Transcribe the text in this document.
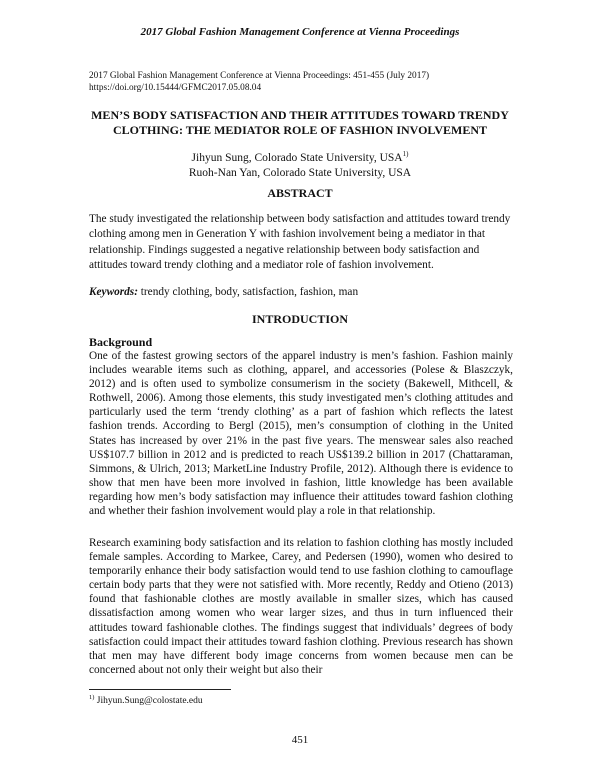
2017 Global Fashion Management Conference at Vienna Proceedings
2017 Global Fashion Management Conference at Vienna Proceedings: 451-455 (July 2017)
https://doi.org/10.15444/GFMC2017.05.08.04
MEN’S BODY SATISFACTION AND THEIR ATTITUDES TOWARD TRENDY
CLOTHING: THE MEDIATOR ROLE OF FASHION INVOLVEMENT
Jihyun Sung, Colorado State University, USA$^{1)}$
Ruoh-Nan Yan, Colorado State University, USA
ABSTRACT

The study investigated the relationship between body satisfaction and attitudes toward trendy clothing among men in Generation Y with fashion involvement being a mediator in that relationship. Findings suggested a negative relationship between body satisfaction and attitudes toward trendy clothing and a mediator role of fashion involvement.

Keywords: trendy clothing, body, satisfaction, fashion, man

INTRODUCTION
Background

One of the fastest growing sectors of the apparel industry is men’s fashion. Fashion mainly includes wearable items such as clothing, apparel, and accessories (Polese & Blaszczyk, 2012) and is often used to symbolize consumerism in the society (Bakewell, Mithcell, & Rothwell, 2006). Among those elements, this study investigated men’s clothing attitudes and particularly used the term ‘trendy clothing’ as a part of fashion which reflects the latest fashion trends. According to Bergl (2015), men’s consumption of clothing in the United States has increased by over 21% in the past five years. The menswear sales also reached US$107.7 billion in 2012 and is predicted to reach US$139.2 billion in 2017 (Chattaraman, Simmons, & Ulrich, 2013; MarketLine Industry Profile, 2012). Although there is evidence to show that men have been more involved in fashion, little knowledge has been available regarding how men’s body satisfaction may influence their attitudes toward fashion clothing and whether their fashion involvement would play a role in that relationship.

Research examining body satisfaction and its relation to fashion clothing has mostly included female samples. According to Markee, Carey, and Pedersen (1990), women who desired to temporarily enhance their body satisfaction would tend to use fashion clothing to camouflage certain body parts that they were not satisfied with. More recently, Reddy and Otieno (2013) found that fashionable clothes are mostly available in smaller sizes, which has caused dissatisfaction among women who wear larger sizes, and thus in turn influenced their attitudes toward fashionable clothes. The findings suggest that individuals’ degrees of body satisfaction could impact their attitudes toward fashion clothing. Previous research has shown that men may have different body image concerns from women because men can be concerned about not only their weight but also their

$^{1)}$ Jihyun.Sung@colostate.edu
451
